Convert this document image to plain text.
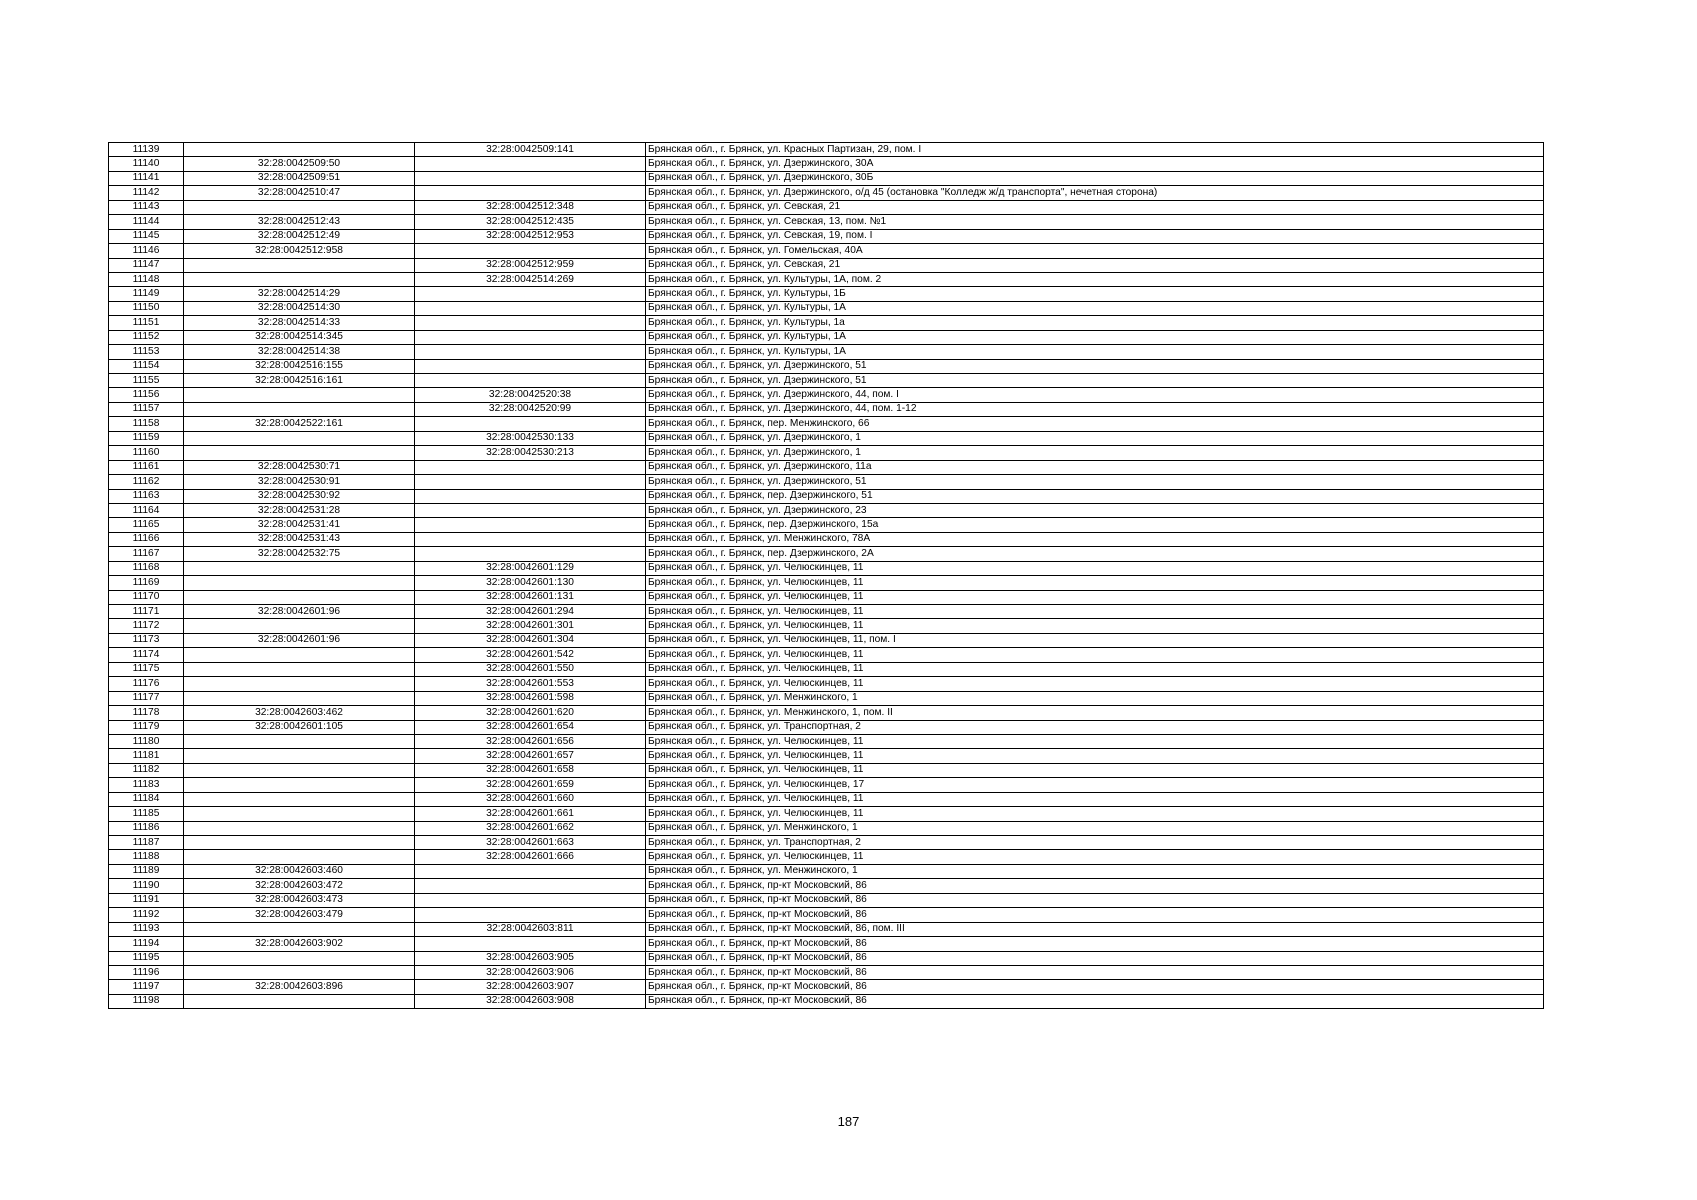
11139		32:28:0042509:141	Брянская обл., г. Брянск, ул. Красных Партизан, 29, пом. I
11140	32:28:0042509:50		Брянская обл., г. Брянск, ул. Дзержинского, 30А
11141	32:28:0042509:51		Брянская обл., г. Брянск, ул. Дзержинского, 30Б
11142	32:28:0042510:47		Брянская обл., г. Брянск, ул. Дзержинского, о/д 45 (остановка "Колледж ж/д транспорта", нечетная сторона)
11143		32:28:0042512:348	Брянская обл., г. Брянск, ул. Севская, 21
11144	32:28:0042512:43	32:28:0042512:435	Брянская обл., г. Брянск, ул. Севская, 13, пом. №1
11145	32:28:0042512:49	32:28:0042512:953	Брянская обл., г. Брянск, ул. Севская, 19, пом. I
11146	32:28:0042512:958		Брянская обл., г. Брянск, ул. Гомельская, 40А
11147		32:28:0042512:959	Брянская обл., г. Брянск, ул. Севская, 21
11148		32:28:0042514:269	Брянская обл., г. Брянск, ул. Культуры, 1А, пом. 2
11149	32:28:0042514:29		Брянская обл., г. Брянск, ул. Культуры, 1Б
11150	32:28:0042514:30		Брянская обл., г. Брянск, ул. Культуры, 1А
11151	32:28:0042514:33		Брянская обл., г. Брянск, ул. Культуры, 1а
11152	32:28:0042514:345		Брянская обл., г. Брянск, ул. Культуры, 1А
11153	32:28:0042514:38		Брянская обл., г. Брянск, ул. Культуры, 1А
11154	32:28:0042516:155		Брянская обл., г. Брянск, ул. Дзержинского, 51
11155	32:28:0042516:161		Брянская обл., г. Брянск, ул. Дзержинского, 51
11156		32:28:0042520:38	Брянская обл., г. Брянск, ул. Дзержинского, 44, пом. I
11157		32:28:0042520:99	Брянская обл., г. Брянск, ул. Дзержинского, 44, пом. 1-12
11158	32:28:0042522:161		Брянская обл., г. Брянск, пер. Менжинского, 66
11159		32:28:0042530:133	Брянская обл., г. Брянск, ул. Дзержинского, 1
11160		32:28:0042530:213	Брянская обл., г. Брянск, ул. Дзержинского, 1
11161	32:28:0042530:71		Брянская обл., г. Брянск, ул. Дзержинского, 11а
11162	32:28:0042530:91		Брянская обл., г. Брянск, ул. Дзержинского, 51
11163	32:28:0042530:92		Брянская обл., г. Брянск, пер. Дзержинского, 51
11164	32:28:0042531:28		Брянская обл., г. Брянск, ул. Дзержинского, 23
11165	32:28:0042531:41		Брянская обл., г. Брянск, пер. Дзержинского, 15а
11166	32:28:0042531:43		Брянская обл., г. Брянск, ул. Менжинского, 78А
11167	32:28:0042532:75		Брянская обл., г. Брянск, пер. Дзержинского, 2А
11168		32:28:0042601:129	Брянская обл., г. Брянск, ул. Челюскинцев, 11
11169		32:28:0042601:130	Брянская обл., г. Брянск, ул. Челюскинцев, 11
11170		32:28:0042601:131	Брянская обл., г. Брянск, ул. Челюскинцев, 11
11171	32:28:0042601:96	32:28:0042601:294	Брянская обл., г. Брянск, ул. Челюскинцев, 11
11172		32:28:0042601:301	Брянская обл., г. Брянск, ул. Челюскинцев, 11
11173	32:28:0042601:96	32:28:0042601:304	Брянская обл., г. Брянск, ул. Челюскинцев, 11, пом. I
11174		32:28:0042601:542	Брянская обл., г. Брянск, ул. Челюскинцев, 11
11175		32:28:0042601:550	Брянская обл., г. Брянск, ул. Челюскинцев, 11
11176		32:28:0042601:553	Брянская обл., г. Брянск, ул. Челюскинцев, 11
11177		32:28:0042601:598	Брянская обл., г. Брянск, ул. Менжинского, 1
11178	32:28:0042603:462	32:28:0042601:620	Брянская обл., г. Брянск, ул. Менжинского, 1, пом. II
11179	32:28:0042601:105	32:28:0042601:654	Брянская обл., г. Брянск, ул. Транспортная, 2
11180		32:28:0042601:656	Брянская обл., г. Брянск, ул. Челюскинцев, 11
11181		32:28:0042601:657	Брянская обл., г. Брянск, ул. Челюскинцев, 11
11182		32:28:0042601:658	Брянская обл., г. Брянск, ул. Челюскинцев, 11
11183		32:28:0042601:659	Брянская обл., г. Брянск, ул. Челюскинцев, 17
11184		32:28:0042601:660	Брянская обл., г. Брянск, ул. Челюскинцев, 11
11185		32:28:0042601:661	Брянская обл., г. Брянск, ул. Челюскинцев, 11
11186		32:28:0042601:662	Брянская обл., г. Брянск, ул. Менжинского, 1
11187		32:28:0042601:663	Брянская обл., г. Брянск, ул. Транспортная, 2
11188		32:28:0042601:666	Брянская обл., г. Брянск, ул. Челюскинцев, 11
11189	32:28:0042603:460		Брянская обл., г. Брянск, ул. Менжинского, 1
11190	32:28:0042603:472		Брянская обл., г. Брянск, пр-кт Московский, 86
11191	32:28:0042603:473		Брянская обл., г. Брянск, пр-кт Московский, 86
11192	32:28:0042603:479		Брянская обл., г. Брянск, пр-кт Московский, 86
11193		32:28:0042603:811	Брянская обл., г. Брянск, пр-кт Московский, 86, пом. III
11194	32:28:0042603:902		Брянская обл., г. Брянск, пр-кт Московский, 86
11195		32:28:0042603:905	Брянская обл., г. Брянск, пр-кт Московский, 86
11196		32:28:0042603:906	Брянская обл., г. Брянск, пр-кт Московский, 86
11197	32:28:0042603:896	32:28:0042603:907	Брянская обл., г. Брянск, пр-кт Московский, 86
11198		32:28:0042603:908	Брянская обл., г. Брянск, пр-кт Московский, 86
187
